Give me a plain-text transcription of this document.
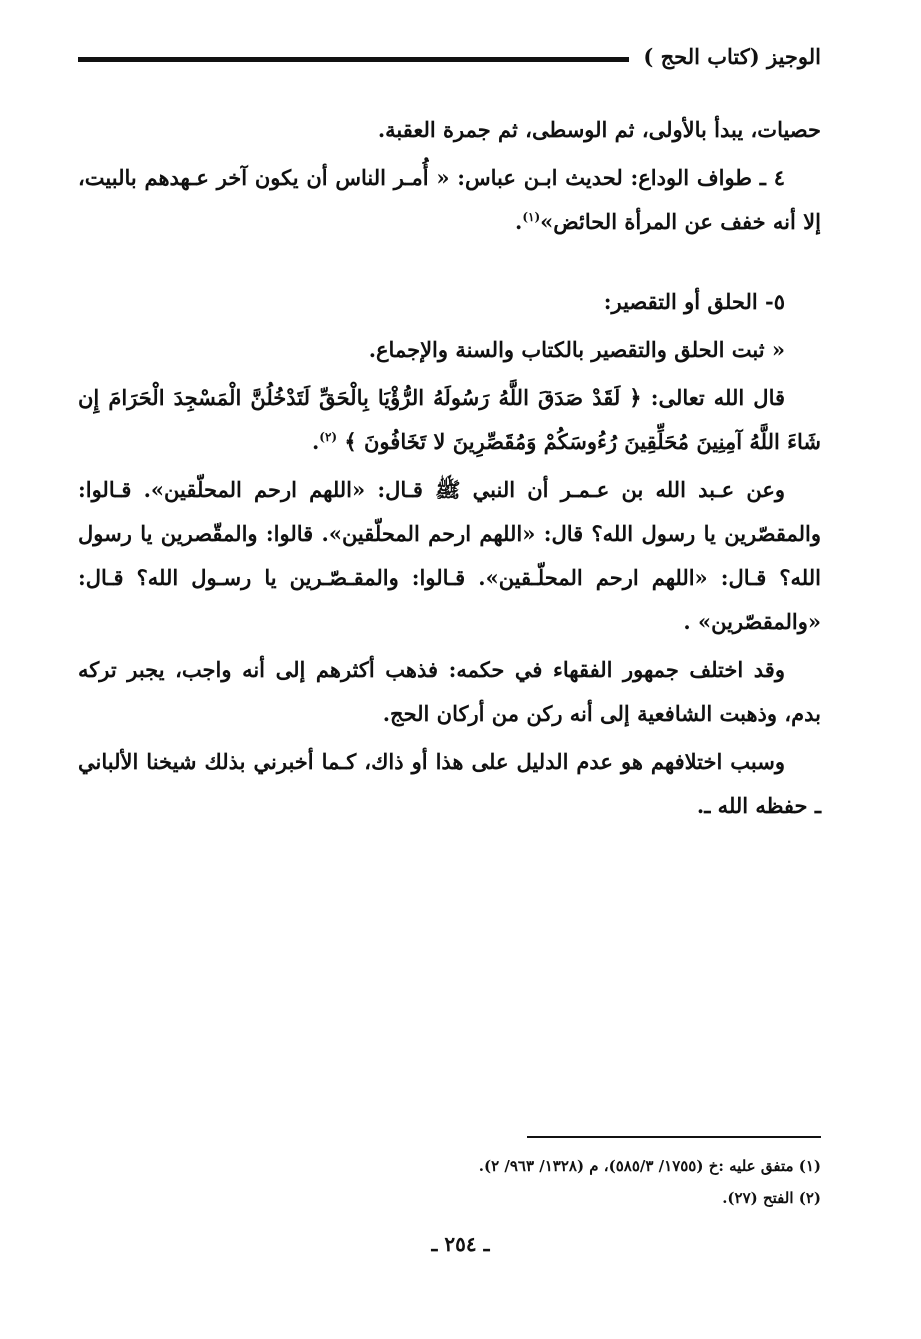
الوجيز (كتاب الحج )

حصيات، يبدأ بالأولى، ثم الوسطى، ثم جمرة العقبة.

٤ ـ طواف الوداع: لحديث ابـن عباس: « أُمـر الناس أن يكون آخر عـهدهم بالبيت، إلا أنه خفف عن المرأة الحائض»$^{(١)}$.

٥- الحلق أو التقصير:

« ثبت الحلق والتقصير بالكتاب والسنة والإجماع.

قال الله تعالى: ﴿ لَقَدْ صَدَقَ اللَّهُ رَسُولَهُ الرُّؤْيَا بِالْحَقِّ لَتَدْخُلُنَّ الْمَسْجِدَ الْحَرَامَ إِن شَاءَ اللَّهُ آمِنِينَ مُحَلِّقِينَ رُءُوسَكُمْ وَمُقَصِّرِينَ لا تَخَافُونَ ﴾ $^{(٢)}$.

وعن عـبد الله بن عـمـر أن النبي ﷺ قـال: «اللهم ارحم المحلّقين». قـالوا: والمقصّرين يا رسول الله؟ قال: «اللهم ارحم المحلّقين». قالوا: والمقّصرين يا رسول الله؟ قـال: «اللهم ارحم المحلّـقين». قـالوا: والمقـصّـرين يا رسـول الله؟ قـال: «والمقصّرين» .

وقد اختلف جمهور الفقهاء في حكمه: فذهب أكثرهم إلى أنه واجب، يجبر تركه بدم، وذهبت الشافعية إلى أنه ركن من أركان الحج.

وسبب اختلافهم هو عدم الدليل على هذا أو ذاك، كـما أخبرني بذلك شيخنا الألباني ـ حفظه الله ـ.

(١) متفق عليه :خ (١٧٥٥/ ٥٨٥/٣)، م (١٣٢٨/ ٩٦٣/ ٢).
(٢) الفتح (٢٧).
ـ ٢٥٤ ـ
